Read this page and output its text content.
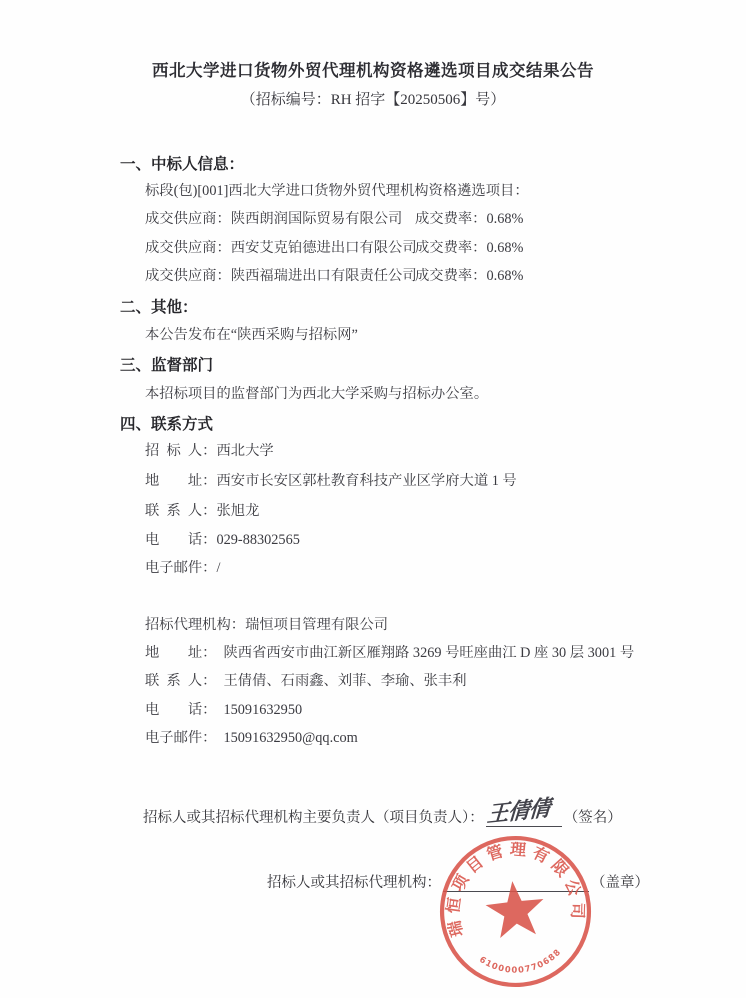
西北大学进口货物外贸代理机构资格遴选项目成交结果公告
（招标编号：RH 招字【20250506】号）
一、中标人信息：
标段(包)[001]西北大学进口货物外贸代理机构资格遴选项目：
成交供应商：陕西朗润国际贸易有限公司 成交费率：0.68%
成交供应商：西安艾克铂德进出口有限公司成交费率：0.68%
成交供应商：陕西福瑞进出口有限责任公司成交费率：0.68%
二、其他：
本公告发布在“陕西采购与招标网”
三、监督部门
本招标项目的监督部门为西北大学采购与招标办公室。
四、联系方式
招 标 人：西北大学
地  址：西安市长安区郭杜教育科技产业区学府大道 1 号
联 系 人：张旭龙
电  话：029-88302565
电子邮件：/
招标代理机构：瑞恒项目管理有限公司
地  址： 陕西省西安市曲江新区雁翔路 3269 号旺座曲江 D 座 30 层 3001 号
联 系 人： 王倩倩、石雨鑫、刘菲、李瑜、张丰利
电  话： 15091632950
电子邮件： 15091632950@qq.com
招标人或其招标代理机构主要负责人（项目负责人）： 王倩倩 （签名）
招标人或其招标代理机构：	（盖章）
瑞恒项目管理有限公司
6100000770688
